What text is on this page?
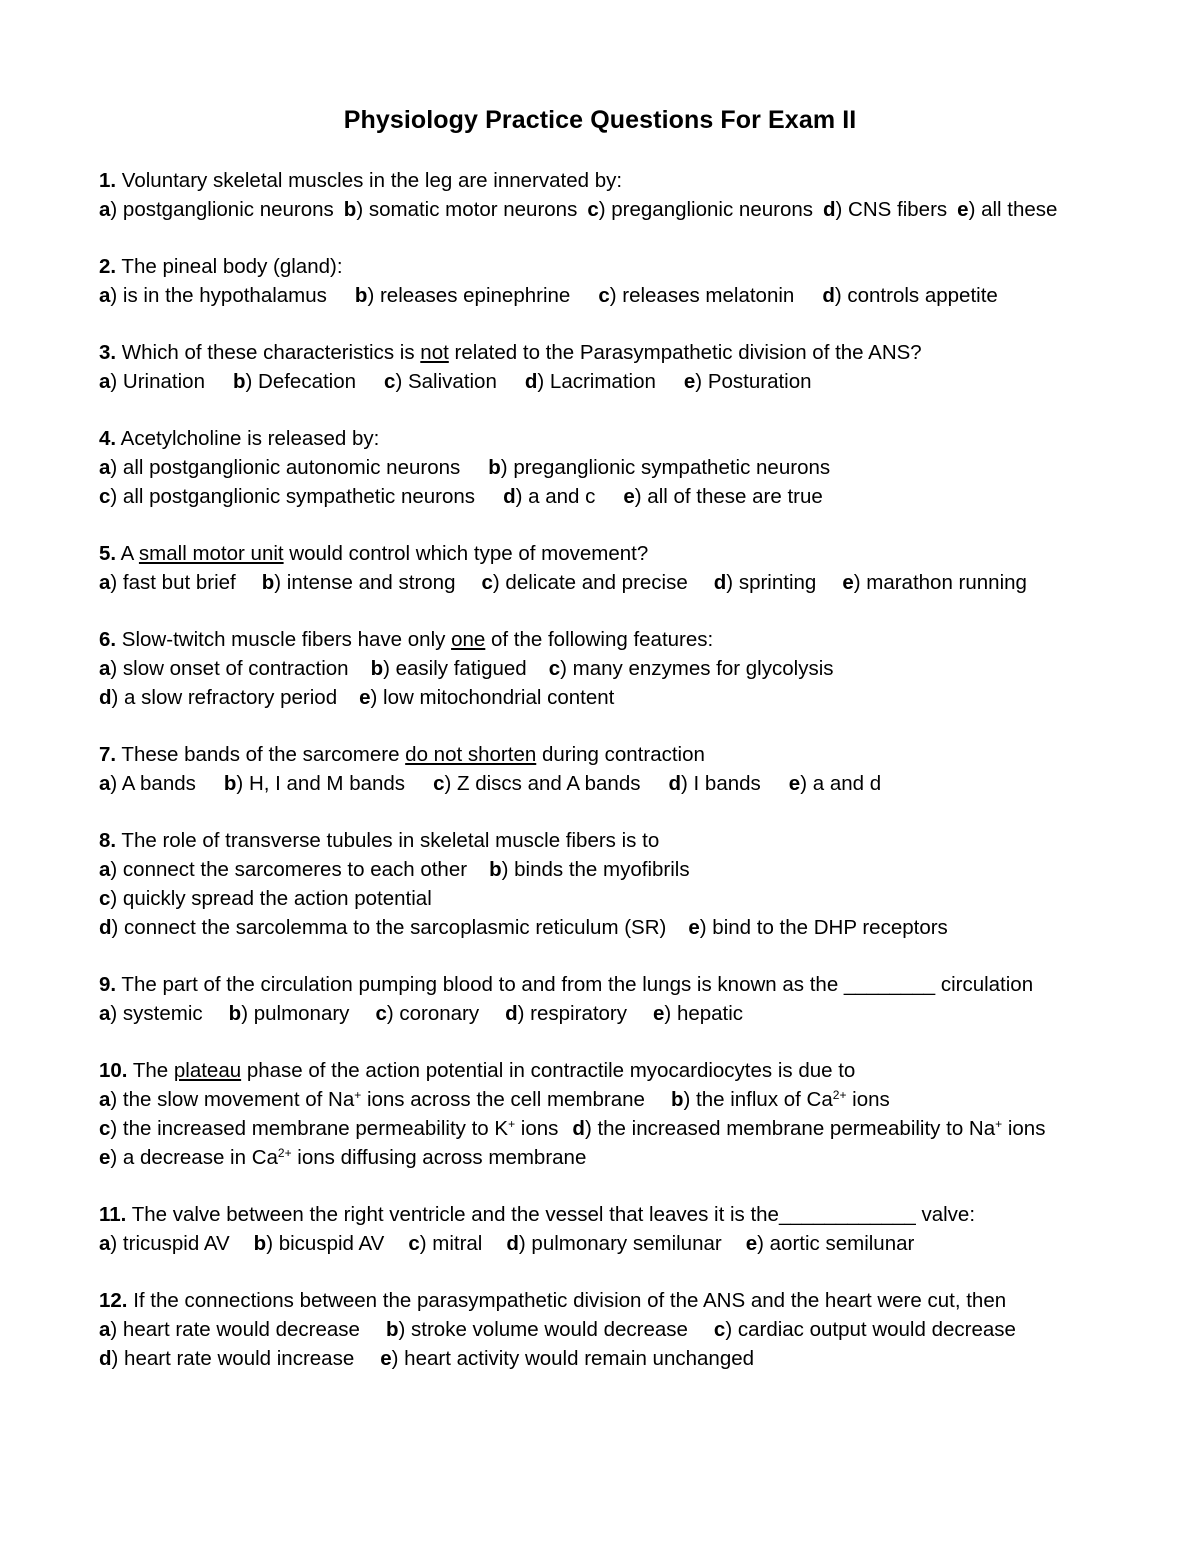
Physiology Practice Questions For Exam II
1. Voluntary skeletal muscles in the leg are innervated by:
a) postganglionic neurons b) somatic motor neurons c) preganglionic neurons d) CNS fibers e) all these
2. The pineal body (gland):
a) is in the hypothalamus b) releases epinephrine c) releases melatonin d) controls appetite
3. Which of these characteristics is not related to the Parasympathetic division of the ANS?
a) Urination b) Defecation c) Salivation d) Lacrimation e) Posturation
4. Acetylcholine is released by:
a) all postganglionic autonomic neurons b) preganglionic sympathetic neurons
c) all postganglionic sympathetic neurons d) a and c e) all of these are true
5. A small motor unit would control which type of movement?
a) fast but brief b) intense and strong c) delicate and precise d) sprinting e) marathon running
6. Slow-twitch muscle fibers have only one of the following features:
a) slow onset of contraction b) easily fatigued c) many enzymes for glycolysis
d) a slow refractory period e) low mitochondrial content
7. These bands of the sarcomere do not shorten during contraction
a) A bands b) H, I and M bands c) Z discs and A bands d) I bands e) a and d
8. The role of transverse tubules in skeletal muscle fibers is to
a) connect the sarcomeres to each other b) binds the myofibrils
c) quickly spread the action potential
d) connect the sarcolemma to the sarcoplasmic reticulum (SR) e) bind to the DHP receptors
9. The part of the circulation pumping blood to and from the lungs is known as the ________ circulation
a) systemic b) pulmonary c) coronary d) respiratory e) hepatic
10. The plateau phase of the action potential in contractile myocardiocytes is due to
a) the slow movement of Na+ ions across the cell membrane b) the influx of $Ca^{2+}$ ions
c) the increased membrane permeability to K+ ions d) the increased membrane permeability to Na+ ions
e) a decrease in $Ca^{2+}$ ions diffusing across membrane
11. The valve between the right ventricle and the vessel that leaves it is the____________ valve:
a) tricuspid AV b) bicuspid AV c) mitral d) pulmonary semilunar e) aortic semilunar
12. If the connections between the parasympathetic division of the ANS and the heart were cut, then
a) heart rate would decrease b) stroke volume would decrease c) cardiac output would decrease
d) heart rate would increase e) heart activity would remain unchanged
